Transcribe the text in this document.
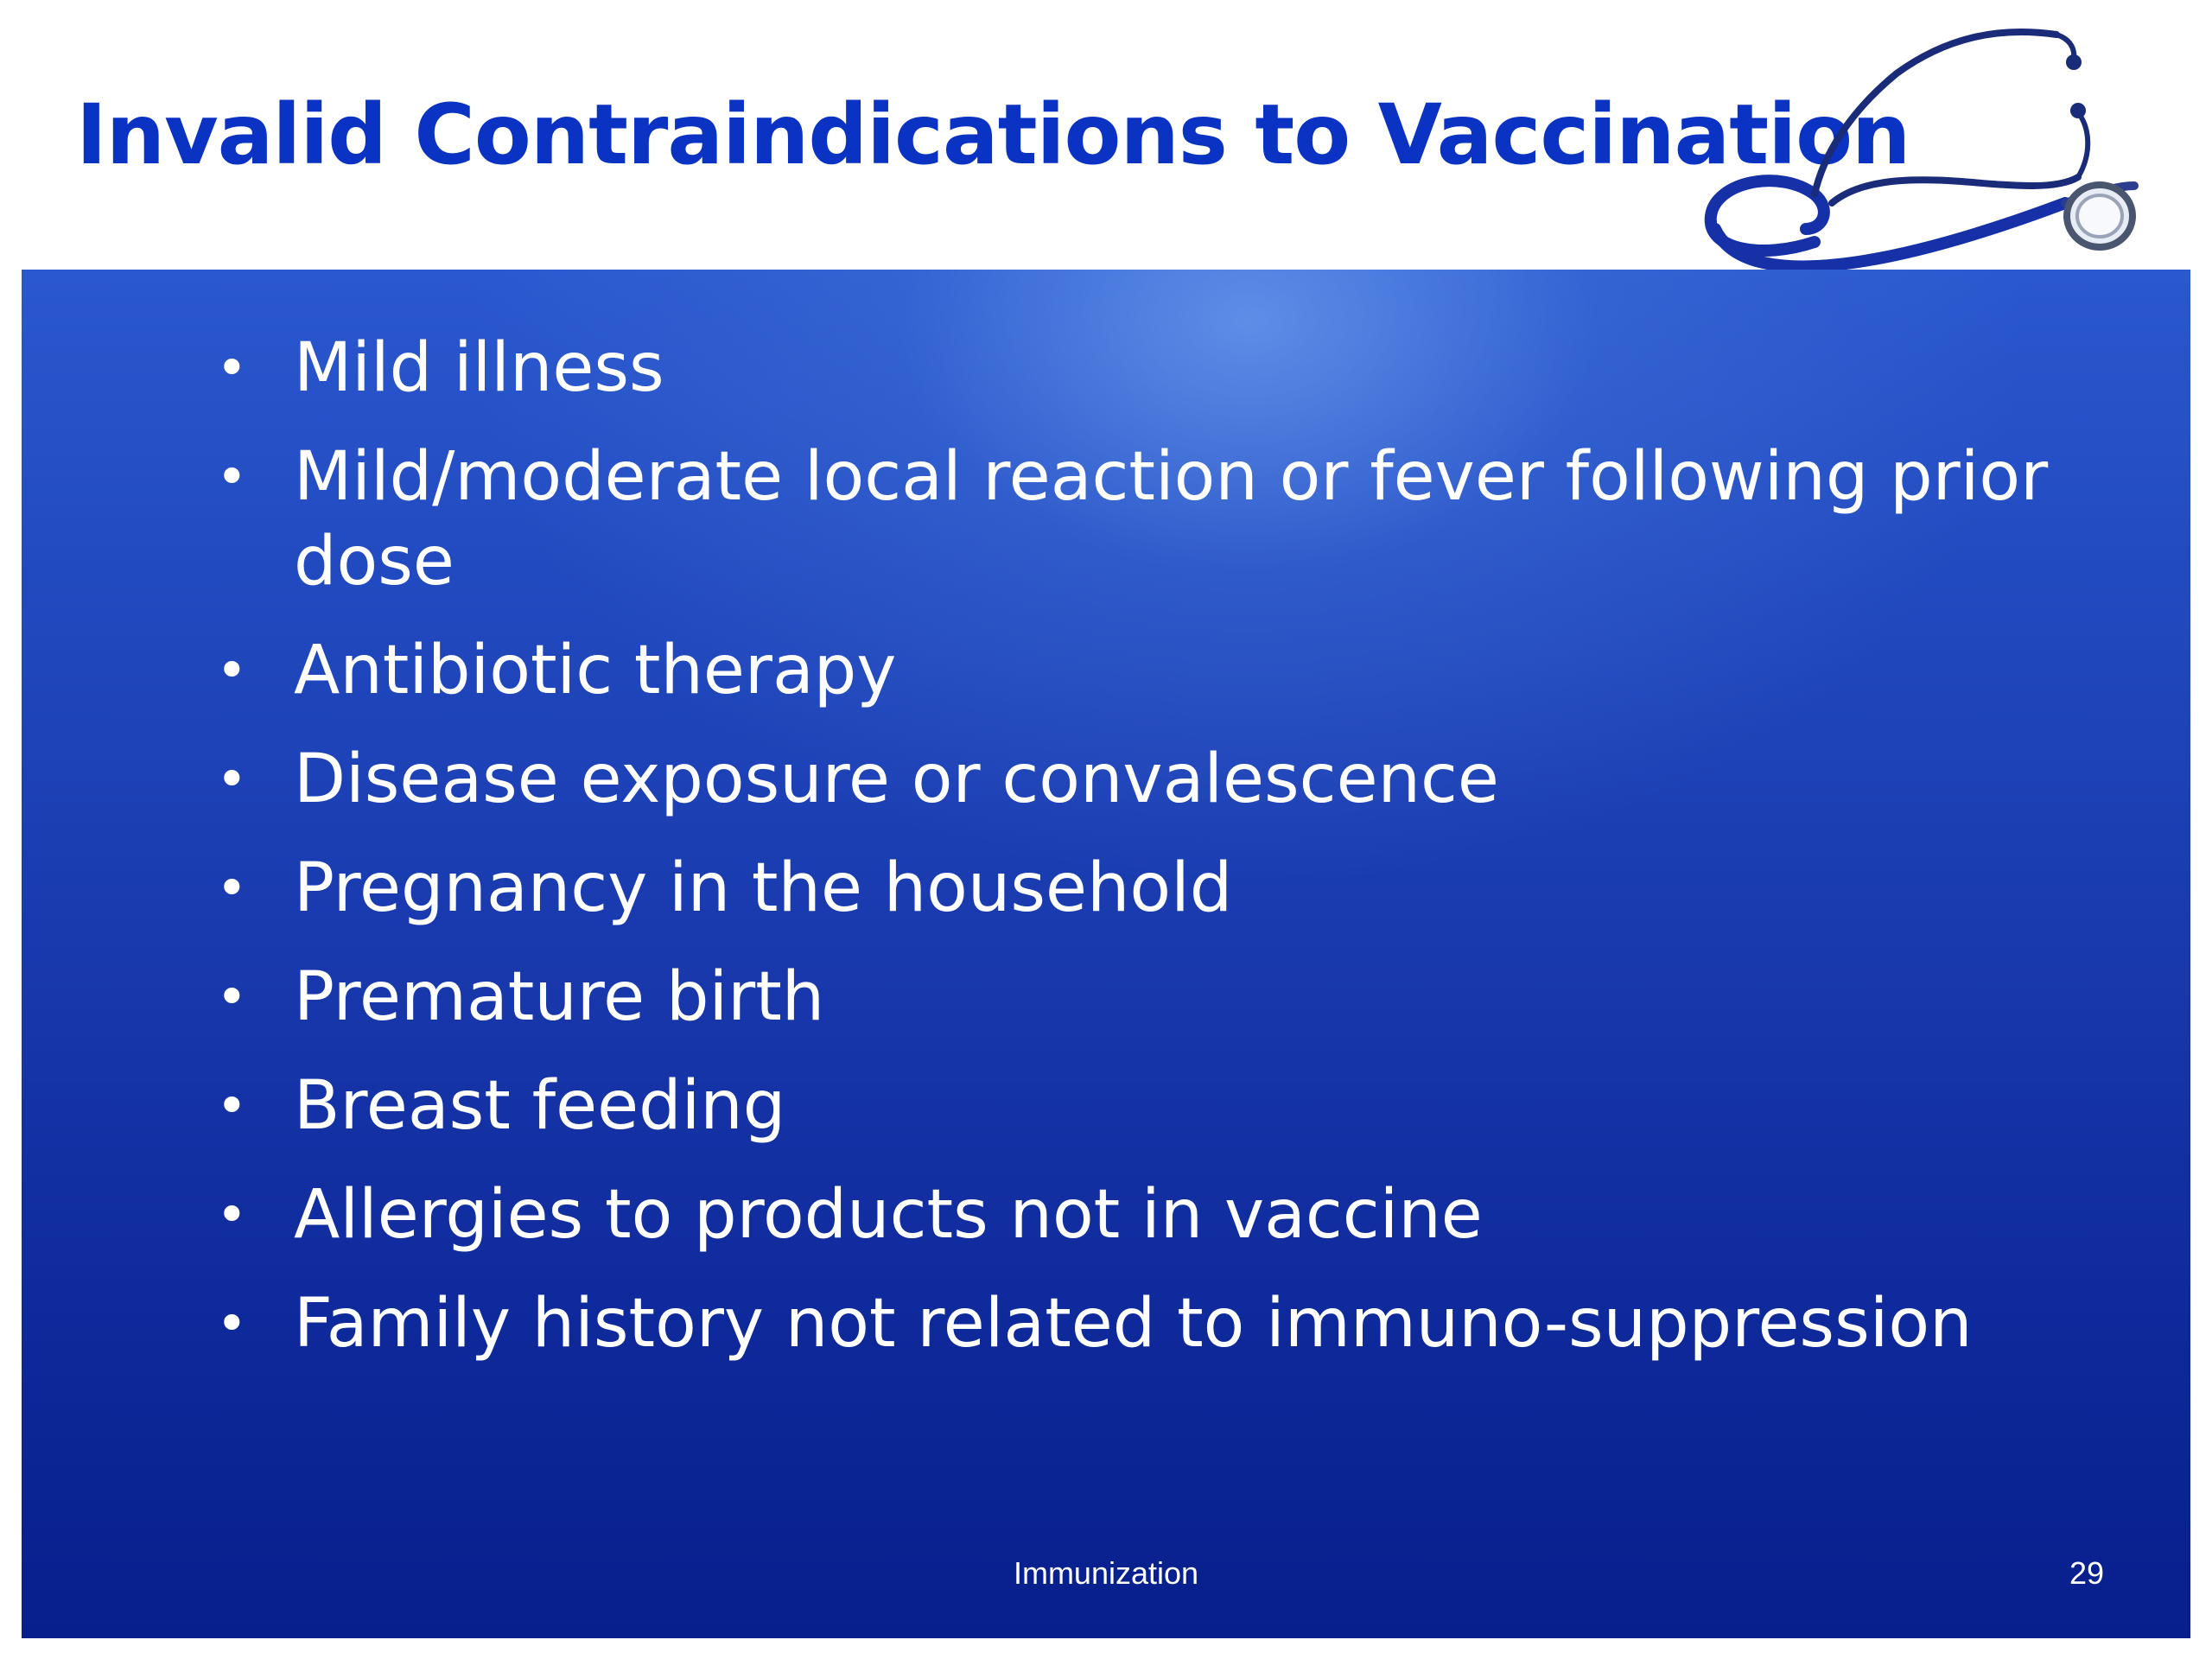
Invalid Contraindications to Vaccination
• Mild illness
• Mild/moderate local reaction or fever following prior dose
• Antibiotic therapy
• Disease exposure or convalescence
• Pregnancy in the household
• Premature birth
• Breast feeding
• Allergies to products not in vaccine
• Family history not related to immuno-suppression
Immunization	29
